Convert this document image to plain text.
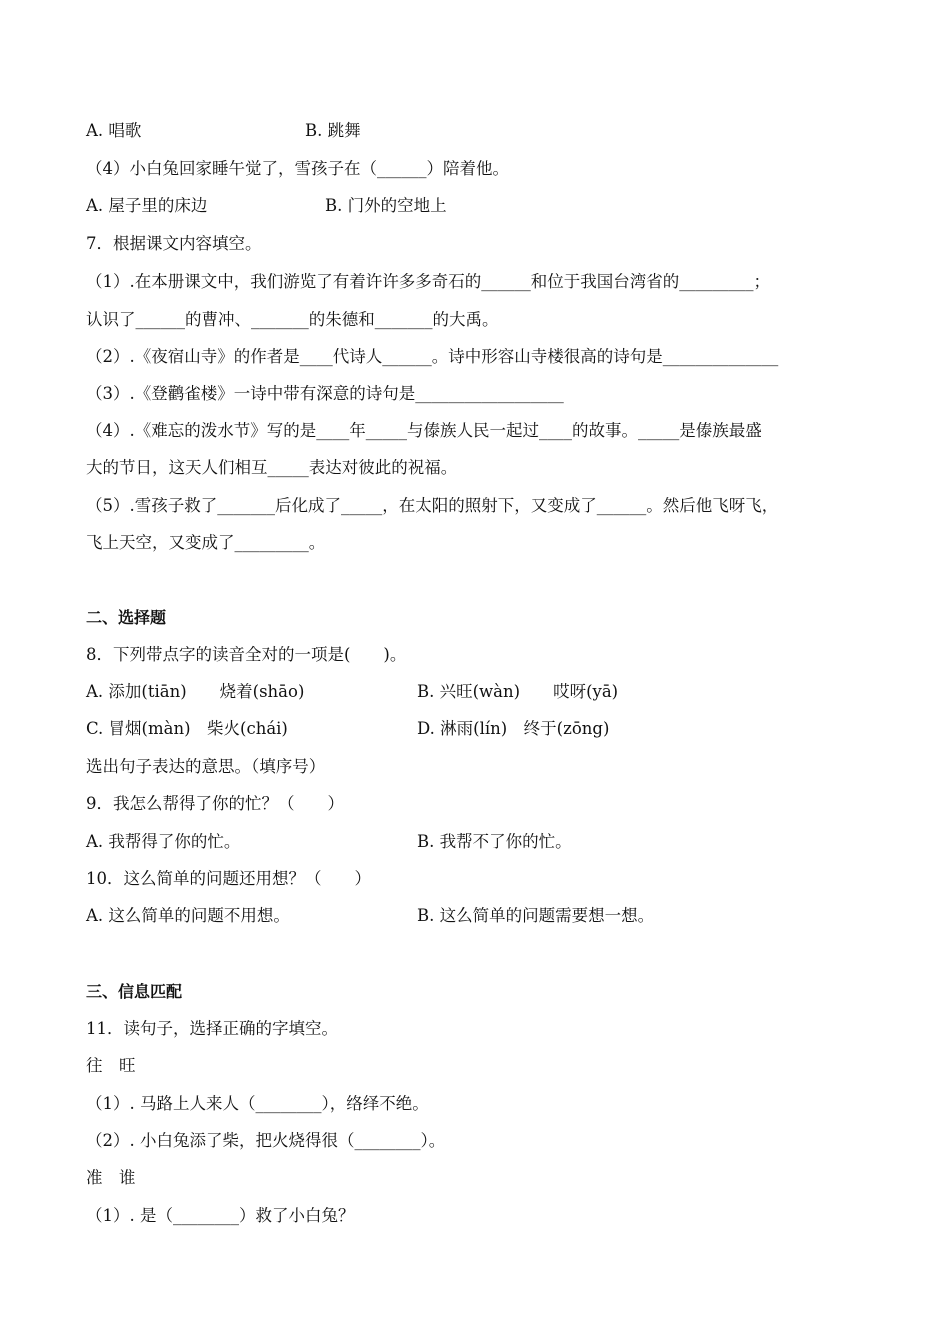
A. 唱歌	B. 跳舞
（4）小白兔回家睡午觉了，雪孩子在（______）陪着他。
A. 屋子里的床边	B. 门外的空地上
7．根据课文内容填空。
（1）.在本册课文中，我们游览了有着许许多多奇石的______和位于我国台湾省的_________；
认识了______的曹冲、_______的朱德和_______的大禹。
（2）.《夜宿山寺》的作者是____代诗人______。诗中形容山寺楼很高的诗句是______________
（3）.《登鹳雀楼》一诗中带有深意的诗句是__________________
（4）.《难忘的泼水节》写的是____年_____与傣族人民一起过____的故事。_____是傣族最盛
大的节日，这天人们相互_____表达对彼此的祝福。
（5）.雪孩子救了_______后化成了_____，在太阳的照射下，又变成了______。然后他飞呀飞，
飞上天空，又变成了_________。
二、选择题
8．下列带点字的读音全对的一项是(　　)。
A. 添加(tiān)　　烧着(shāo)	B. 兴旺(wàn)　　哎呀(yā)
C. 冒烟(màn)　柴火(chái)	D. 淋雨(lín)　终于(zōng)
选出句子表达的意思。（填序号）
9．我怎么帮得了你的忙？（　　）
A. 我帮得了你的忙。	B. 我帮不了你的忙。
10．这么简单的问题还用想？（　　）
A. 这么简单的问题不用想。	B. 这么简单的问题需要想一想。
三、信息匹配
11．读句子，选择正确的字填空。
往　旺
（1）. 马路上人来人（________），络绎不绝。
（2）. 小白兔添了柴，把火烧得很（________）。
准　谁
（1）. 是（________）救了小白兔？
